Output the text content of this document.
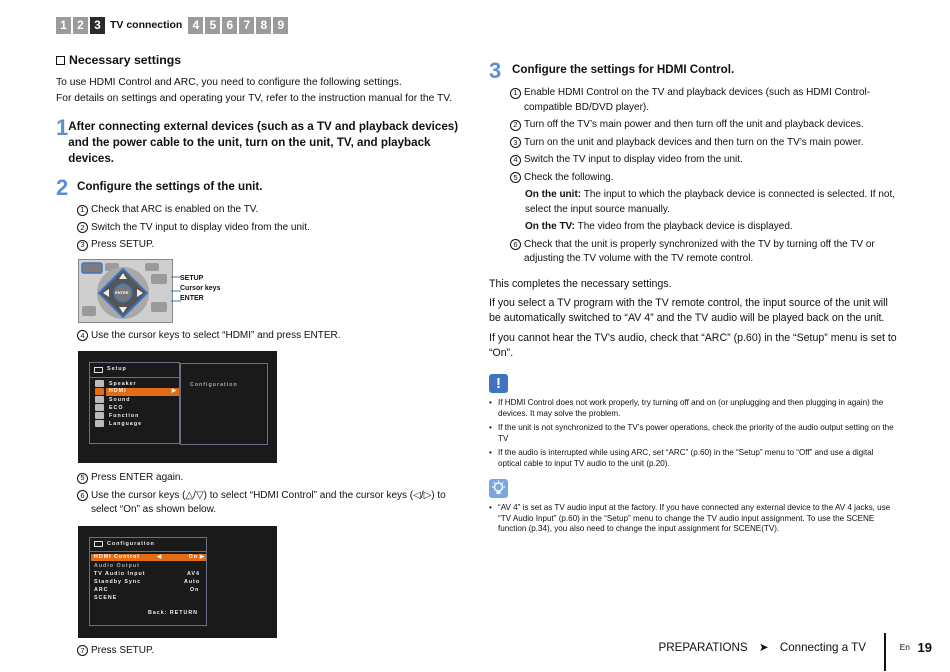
1 2 3 TV connection 4 5 6 7 8 9
Necessary settings
To use HDMI Control and ARC, you need to configure the following settings.
For details on settings and operating your TV, refer to the instruction manual for the TV.
1 After connecting external devices (such as a TV and playback devices) and the power cable to the unit, turn on the unit, TV, and playback devices.
2 Configure the settings of the unit.
1 Check that ARC is enabled on the TV.
2 Switch the TV input to display video from the unit.
3 Press SETUP.
ENTER
SETUP
Cursor keys
ENTER
4 Use the cursor keys to select “HDMI” and press ENTER.
Setup
Speaker
HDMI	▶
Sound
ECO
Function
Language
Configuration
5 Press ENTER again.
6 Use the cursor keys (△/▽) to select “HDMI Control” and the cursor keys (◁/▷) to select “On” as shown below.
Configuration
HDMI Control	◀	On ▶
Audio Output
TV Audio Input	AV4
Standby Sync	Auto
ARC	On
SCENE
Back: RETURN
7 Press SETUP.
3 Configure the settings for HDMI Control.
1 Enable HDMI Control on the TV and playback devices (such as HDMI Control-compatible BD/DVD player).
2 Turn off the TV’s main power and then turn off the unit and playback devices.
3 Turn on the unit and playback devices and then turn on the TV’s main power.
4 Switch the TV input to display video from the unit.
5 Check the following.
On the unit: The input to which the playback device is connected is selected. If not, select the input source manually.
On the TV: The video from the playback device is displayed.
6 Check that the unit is properly synchronized with the TV by turning off the TV or adjusting the TV volume with the TV remote control.
This completes the necessary settings.
If you select a TV program with the TV remote control, the input source of the unit will be automatically switched to “AV 4” and the TV audio will be played back on the unit.
If you cannot hear the TV’s audio, check that “ARC” (p.60) in the “Setup” menu is set to “On”.
!
• If HDMI Control does not work properly, try turning off and on (or unplugging and then plugging in again) the devices. It may solve the problem.
• If the unit is not synchronized to the TV’s power operations, check the priority of the audio output setting on the TV
• If the audio is interrupted while using ARC, set “ARC” (p.60) in the “Setup” menu to “Off” and use a digital optical cable to input TV audio to the unit (p.20).
• “AV 4” is set as TV audio input at the factory. If you have connected any external device to the AV 4 jacks, use “TV Audio Input” (p.60) in the “Setup” menu to change the TV audio input assignment. To use the SCENE function (p.34), you also need to change the input assignment for SCENE(TV).
PREPARATIONS ➤ Connecting a TV	En 19
